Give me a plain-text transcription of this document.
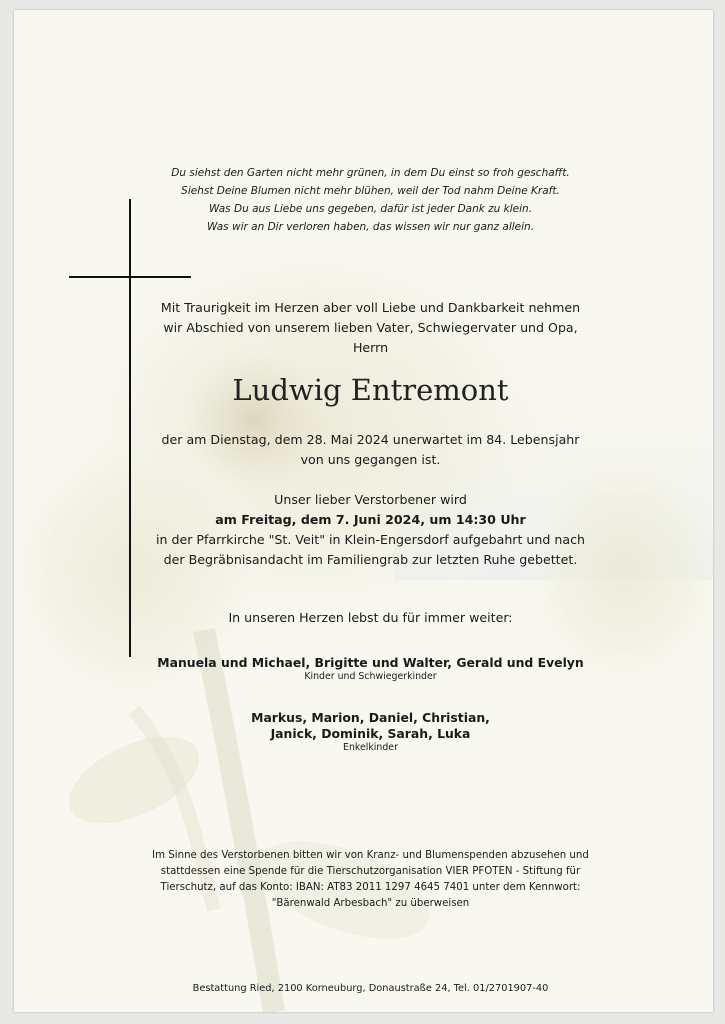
Du siehst den Garten nicht mehr grünen, in dem Du einst so froh geschafft.
Siehst Deine Blumen nicht mehr blühen, weil der Tod nahm Deine Kraft.
Was Du aus Liebe uns gegeben, dafür ist jeder Dank zu klein.
Was wir an Dir verloren haben, das wissen wir nur ganz allein.
Mit Traurigkeit im Herzen aber voll Liebe und Dankbarkeit nehmen
wir Abschied von unserem lieben Vater, Schwiegervater und Opa,
Herrn
Ludwig Entremont
der am Dienstag, dem 28. Mai 2024 unerwartet im 84. Lebensjahr
von uns gegangen ist.
Unser lieber Verstorbener wird
am Freitag, dem 7. Juni 2024, um 14:30 Uhr
in der Pfarrkirche "St. Veit" in Klein-Engersdorf aufgebahrt und nach
der Begräbnisandacht im Familiengrab zur letzten Ruhe gebettet.
In unseren Herzen lebst du für immer weiter:
Manuela und Michael, Brigitte und Walter, Gerald und Evelyn
Kinder und Schwiegerkinder
Markus, Marion, Daniel, Christian,
Janick, Dominik, Sarah, Luka
Enkelkinder
Im Sinne des Verstorbenen bitten wir von Kranz- und Blumenspenden abzusehen und
stattdessen eine Spende für die Tierschutzorganisation VIER PFOTEN - Stiftung für
Tierschutz, auf das Konto: IBAN: AT83 2011 1297 4645 7401 unter dem Kennwort:
"Bärenwald Arbesbach" zu überweisen
Bestattung Ried, 2100 Korneuburg, Donaustraße 24, Tel. 01/2701907-40
